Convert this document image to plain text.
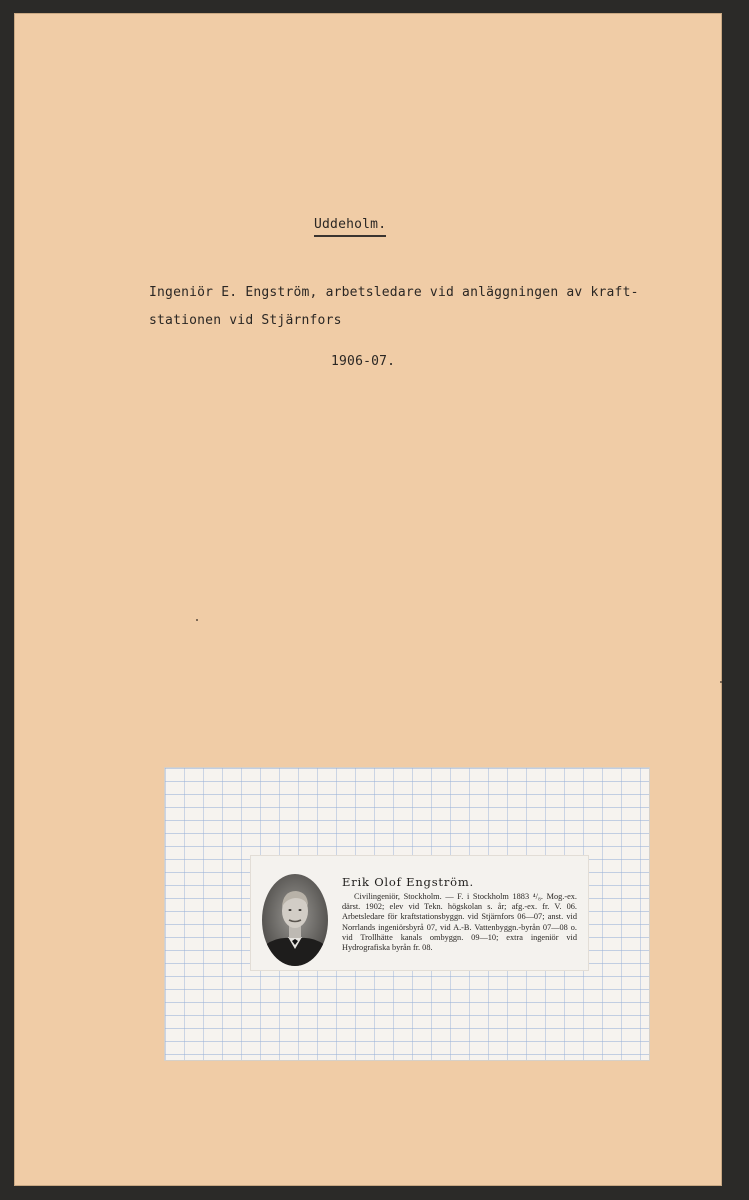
Uddeholm.
Ingeniör E. Engström, arbetsledare vid anläggningen av kraft-
stationen vid Stjärnfors
1906-07.
Erik Olof Engström.
Civilingeniör, Stockholm. — F. i Stockholm 1883 ⁴/₈. Mog.-ex. därst. 1902; elev vid Tekn. högskolan s. år; afg.-ex. fr. V. 06. Arbetsledare för kraftstationsbyggn. vid Stjärnfors 06—07; anst. vid Norrlands ingeniörsbyrå 07, vid A.-B. Vattenbyggn.-byrån 07—08 o. vid Trollhätte kanals ombyggn. 09—10; extra ingeniör vid Hydrografiska byrån fr. 08.
